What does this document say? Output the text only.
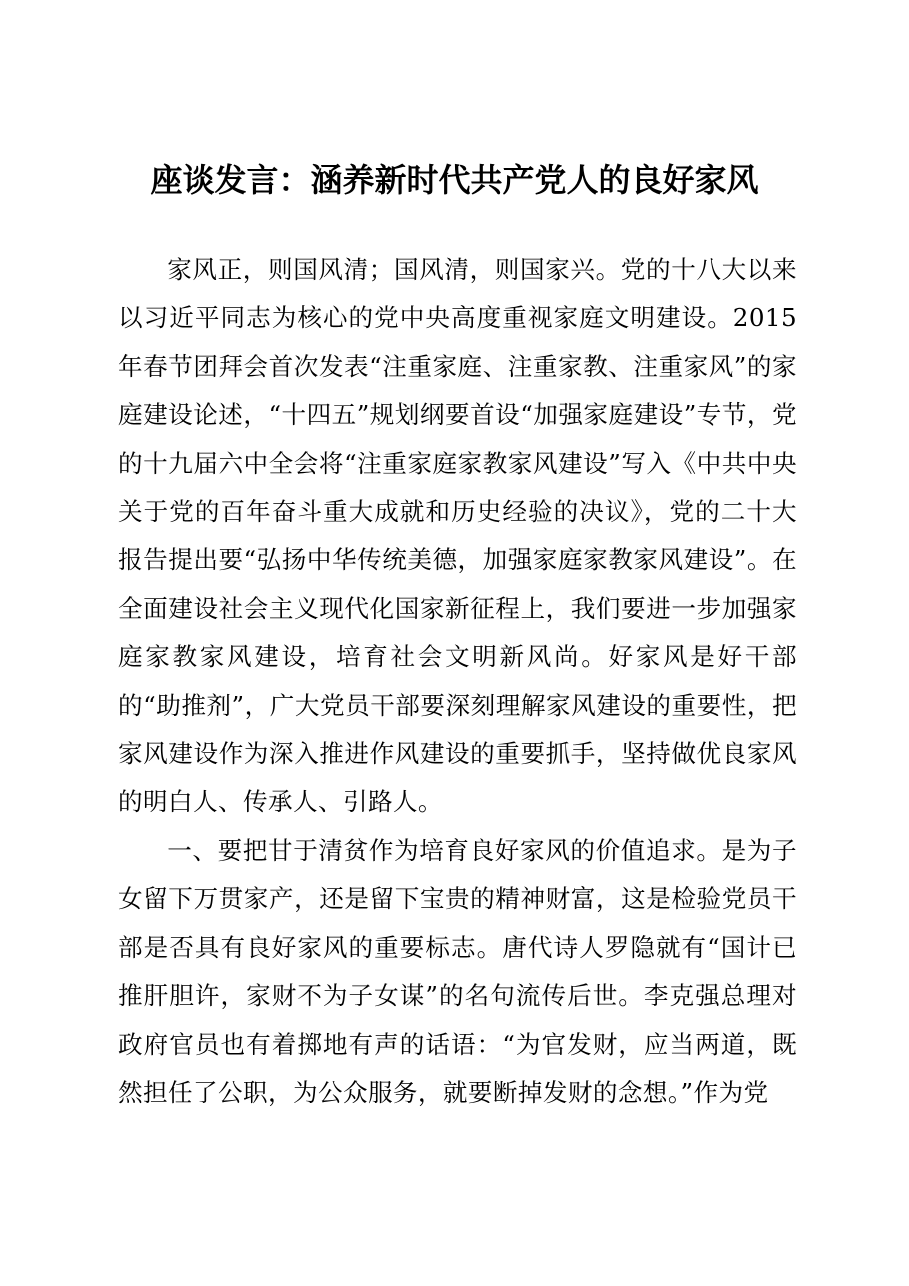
座谈发言：涵养新时代共产党人的良好家风

家风正，则国风清；国风清，则国家兴。党的十八大以来以习近平同志为核心的党中央高度重视家庭文明建设。2015年春节团拜会首次发表“注重家庭、注重家教、注重家风”的家庭建设论述，“十四五”规划纲要首设“加强家庭建设”专节，党的十九届六中全会将“注重家庭家教家风建设”写入《中共中央关于党的百年奋斗重大成就和历史经验的决议》，党的二十大报告提出要“弘扬中华传统美德，加强家庭家教家风建设”。在全面建设社会主义现代化国家新征程上，我们要进一步加强家庭家教家风建设，培育社会文明新风尚。好家风是好干部的“助推剂”，广大党员干部要深刻理解家风建设的重要性，把家风建设作为深入推进作风建设的重要抓手，坚持做优良家风的明白人、传承人、引路人。

一、要把甘于清贫作为培育良好家风的价值追求。是为子女留下万贯家产，还是留下宝贵的精神财富，这是检验党员干部是否具有良好家风的重要标志。唐代诗人罗隐就有“国计已推肝胆许，家财不为子女谋”的名句流传后世。李克强总理对政府官员也有着掷地有声的话语：“为官发财，应当两道，既然担任了公职，为公众服务，就要断掉发财的念想。”作为党
